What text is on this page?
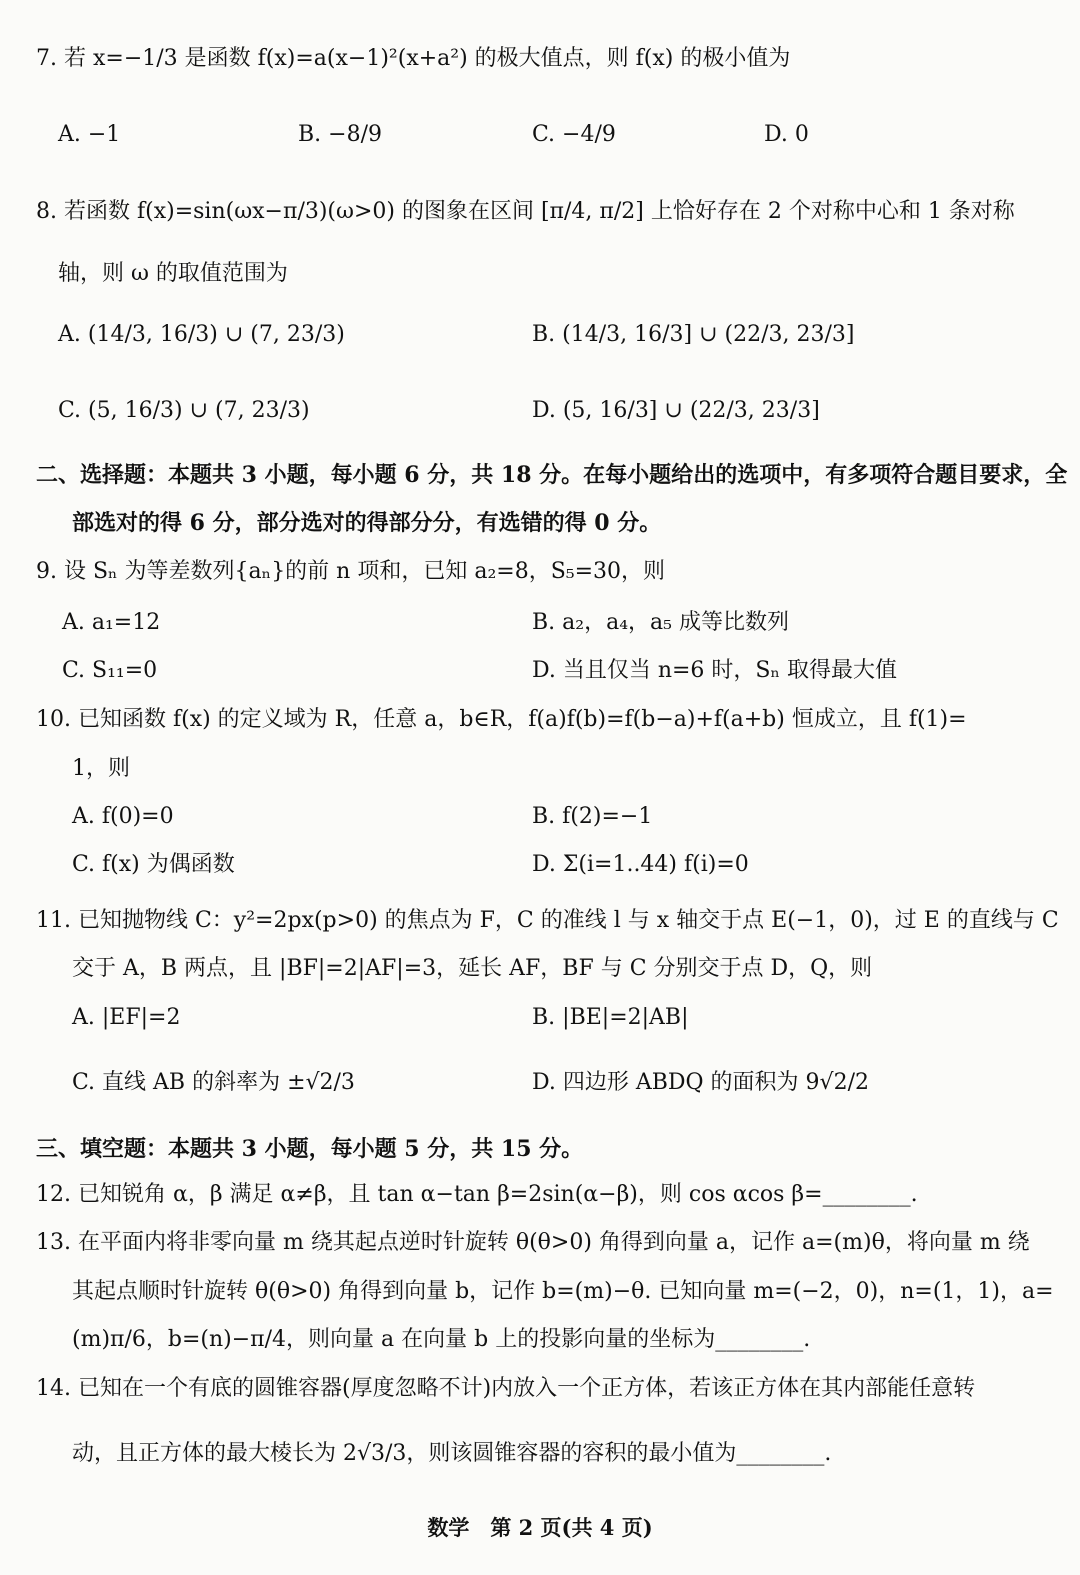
7. 若 x=−1/3 是函数 f(x)=a(x−1)²(x+a²) 的极大值点，则 f(x) 的极小值为
A. −1	B. −8/9	C. −4/9	D. 0
8. 若函数 f(x)=sin(ωx−π/3)(ω>0) 的图象在区间 [π/4, π/2] 上恰好存在 2 个对称中心和 1 条对称
轴，则 ω 的取值范围为
A. (14/3, 16/3) ∪ (7, 23/3)	B. (14/3, 16/3] ∪ (22/3, 23/3]
C. (5, 16/3) ∪ (7, 23/3)	D. (5, 16/3] ∪ (22/3, 23/3]
二、选择题：本题共 3 小题，每小题 6 分，共 18 分。在每小题给出的选项中，有多项符合题目要求，全
部选对的得 6 分，部分选对的得部分分，有选错的得 0 分。
9. 设 Sₙ 为等差数列{aₙ}的前 n 项和，已知 a₂=8，S₅=30，则
A. a₁=12	B. a₂，a₄，a₅ 成等比数列
C. S₁₁=0	D. 当且仅当 n=6 时，Sₙ 取得最大值
10. 已知函数 f(x) 的定义域为 R，任意 a，b∈R，f(a)f(b)=f(b−a)+f(a+b) 恒成立，且 f(1)=
1，则
A. f(0)=0	B. f(2)=−1
C. f(x) 为偶函数	D. Σ(i=1..44) f(i)=0
11. 已知抛物线 C：y²=2px(p>0) 的焦点为 F，C 的准线 l 与 x 轴交于点 E(−1，0)，过 E 的直线与 C
交于 A，B 两点，且 |BF|=2|AF|=3，延长 AF，BF 与 C 分别交于点 D，Q，则
A. |EF|=2	B. |BE|=2|AB|
C. 直线 AB 的斜率为 ±√2/3	D. 四边形 ABDQ 的面积为 9√2/2
三、填空题：本题共 3 小题，每小题 5 分，共 15 分。
12. 已知锐角 α，β 满足 α≠β，且 tan α−tan β=2sin(α−β)，则 cos αcos β=________.
13. 在平面内将非零向量 m 绕其起点逆时针旋转 θ(θ>0) 角得到向量 a，记作 a=(m)θ，将向量 m 绕
其起点顺时针旋转 θ(θ>0) 角得到向量 b，记作 b=(m)−θ. 已知向量 m=(−2，0)，n=(1，1)，a=
(m)π/6，b=(n)−π/4，则向量 a 在向量 b 上的投影向量的坐标为________.
14. 已知在一个有底的圆锥容器(厚度忽略不计)内放入一个正方体，若该正方体在其内部能任意转
动，且正方体的最大棱长为 2√3/3，则该圆锥容器的容积的最小值为________.
数学　第 2 页(共 4 页)
